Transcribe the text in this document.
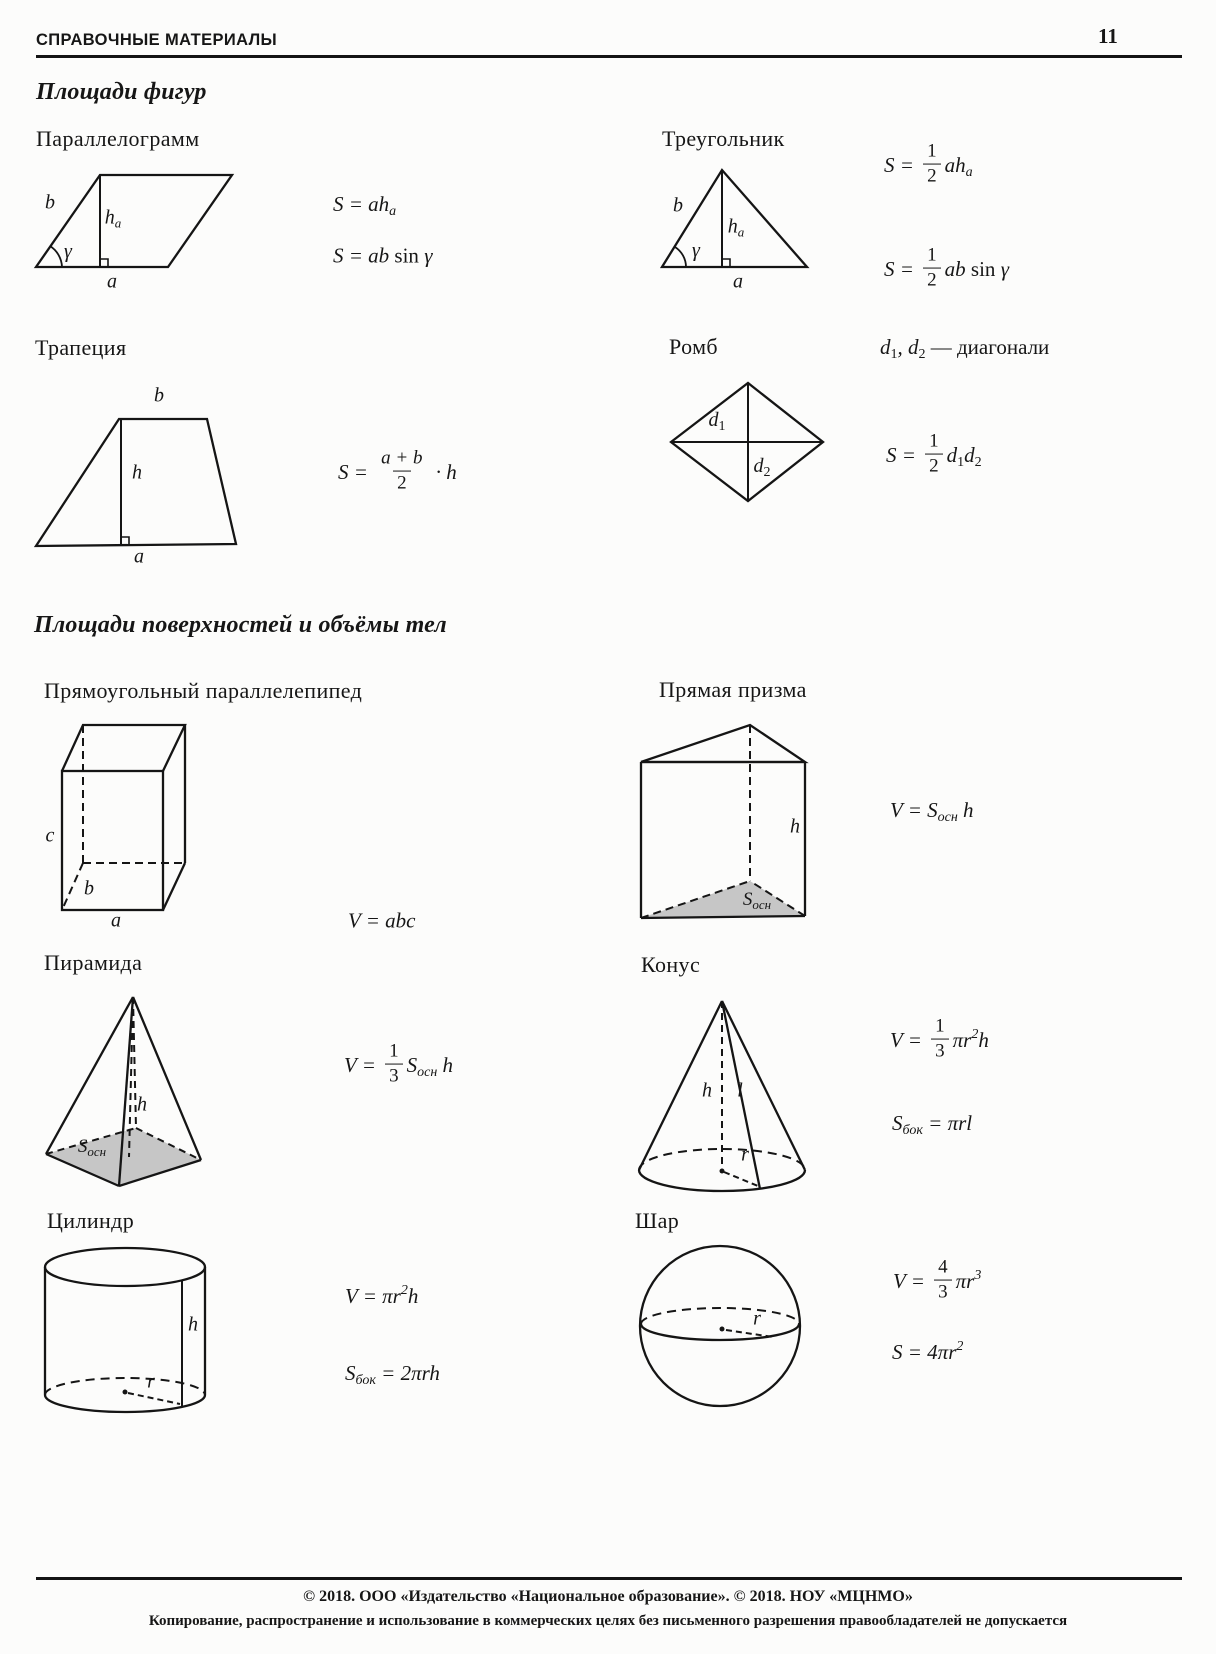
СПРАВОЧНЫЕ МАТЕРИАЛЫ	11
Площади фигур
Параллелограмм
b
$h_a$
γ
a
S = aha
S = ab sin γ
Треугольник
b
$h_a$
γ
a
$S = \frac{1}{2}$ aha
$S = \frac{1}{2}$ ab sin γ
Трапеция
b
h
a
$S = \frac{a + b}{2} \cdot h$
Ромб	d1, d2 — диагонали
$d_1$
$d_2$
$S = \frac{1}{2} d1d2$
Площади поверхностей и объёмы тел
Прямоугольный параллелепипед
c
b
a	V = abc
Прямая призма
h
$S_{осн}$
V = Sосн h
Пирамида
h
$S_{осн}$
$V = \frac{1}{3}$ Sосн h
Конус
h l
r
$V = \frac{1}{3} \pi r^2h$
Sбок = πrl
Цилиндр
h
r
$V = \pi r^2h$
Sбок = 2πrh
Шар
r
$V = \frac{4}{3} \pi r^3$
$S = 4\pi r^2$
© 2018. ООО «Издательство «Национальное образование». © 2018. НОУ «МЦНМО»
Копирование, распространение и использование в коммерческих целях без письменного разрешения правообладателей не допускается
